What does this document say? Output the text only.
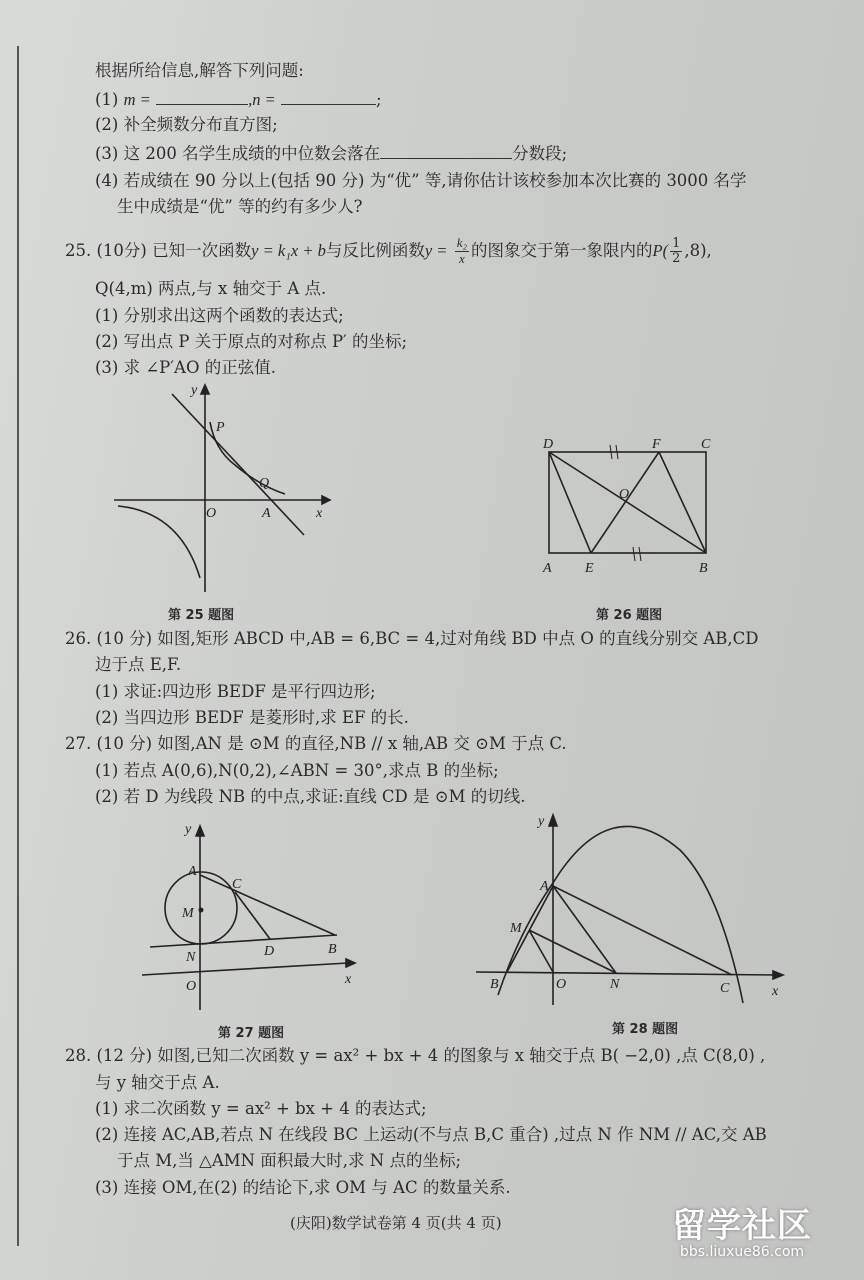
根据所给信息,解答下列问题:
(1) m =	,n =	;
(2) 补全频数分布直方图;
(3) 这 200 名学生成绩的中位数会落在	分数段;
(4) 若成绩在 90 分以上(包括 90 分) 为“优” 等,请你估计该校参加本次比赛的 3000 名学
生中成绩是“优” 等的约有多少人?
25. (10分) 已知一次函数y = k₁x + b与反比例函数$y = \frac{\text{k₂}}{x}$ 的图象交于第一象限内的$P( \frac{1}{2} ,8)$,
Q(4,m) 两点,与 x 轴交于 A 点.
(1) 分别求出这两个函数的表达式;
(2) 写出点 P 关于原点的对称点 P′ 的坐标;
(3) 求 ∠P′AO 的正弦值.
y
x
P
Q
O	A
第 25 题图
D	F	C
O
A E	B
第 26 题图
26. (10 分) 如图,矩形 ABCD 中,AB = 6,BC = 4,过对角线 BD 中点 O 的直线分别交 AB,CD
边于点 E,F.
(1) 求证:四边形 BEDF 是平行四边形;
(2) 当四边形 BEDF 是菱形时,求 EF 的长.
27. (10 分) 如图,AN 是 ⊙M 的直径,NB // x 轴,AB 交 ⊙M 于点 C.
(1) 若点 A(0,6),N(0,2),∠ABN = 30°,求点 B 的坐标;
(2) 若 D 为线段 NB 的中点,求证:直线 CD 是 ⊙M 的切线.
y
x
A
C
M
N	D	B
O
第 27 题图
y
x
A
M
B	O	N	C
第 28 题图
28. (12 分) 如图,已知二次函数 y = ax² + bx + 4 的图象与 x 轴交于点 B( −2,0) ,点 C(8,0) ,
与 y 轴交于点 A.
(1) 求二次函数 y = ax² + bx + 4 的表达式;
(2) 连接 AC,AB,若点 N 在线段 BC 上运动(不与点 B,C 重合) ,过点 N 作 NM // AC,交 AB
于点 M,当 △AMN 面积最大时,求 N 点的坐标;
(3) 连接 OM,在(2) 的结论下,求 OM 与 AC 的数量关系.
(庆阳)数学试卷第 4 页(共 4 页)	留学社区
bbs.liuxue86.com
